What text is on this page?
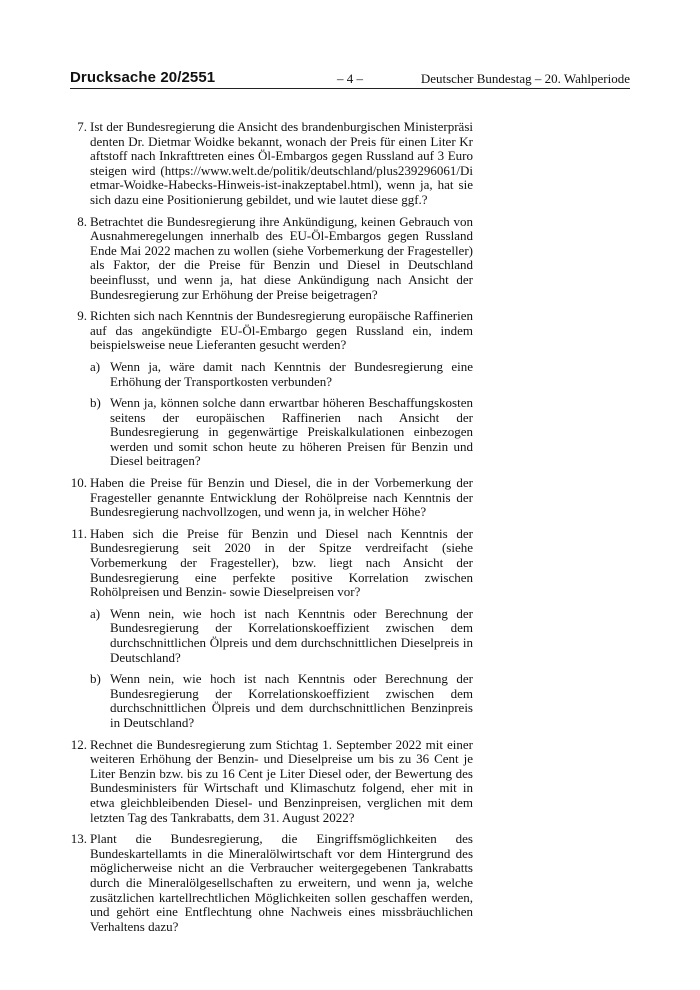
Drucksache 20/2551	– 4 –	Deutscher Bundestag – 20. Wahlperiode
7. Ist der Bundesregierung die Ansicht des brandenburgischen Ministerpräsidenten Dr. Dietmar Woidke bekannt, wonach der Preis für einen Liter Kraftstoff nach Inkrafttreten eines Öl-Embargos gegen Russland auf 3 Euro steigen wird (https://www.welt.de/politik/deutschland/plus239296061/Dietmar-Woidke-Habecks-Hinweis-ist-inakzeptabel.html), wenn ja, hat sie sich dazu eine Positionierung gebildet, und wie lautet diese ggf.?
8. Betrachtet die Bundesregierung ihre Ankündigung, keinen Gebrauch von Ausnahmeregelungen innerhalb des EU-Öl-Embargos gegen Russland Ende Mai 2022 machen zu wollen (siehe Vorbemerkung der Fragesteller) als Faktor, der die Preise für Benzin und Diesel in Deutschland beeinflusst, und wenn ja, hat diese Ankündigung nach Ansicht der Bundesregierung zur Erhöhung der Preise beigetragen?
9. Richten sich nach Kenntnis der Bundesregierung europäische Raffinerien auf das angekündigte EU-Öl-Embargo gegen Russland ein, indem beispielsweise neue Lieferanten gesucht werden?
a) Wenn ja, wäre damit nach Kenntnis der Bundesregierung eine Erhöhung der Transportkosten verbunden?
b) Wenn ja, können solche dann erwartbar höheren Beschaffungskosten seitens der europäischen Raffinerien nach Ansicht der Bundesregierung in gegenwärtige Preiskalkulationen einbezogen werden und somit schon heute zu höheren Preisen für Benzin und Diesel beitragen?
10. Haben die Preise für Benzin und Diesel, die in der Vorbemerkung der Fragesteller genannte Entwicklung der Rohölpreise nach Kenntnis der Bundesregierung nachvollzogen, und wenn ja, in welcher Höhe?
11. Haben sich die Preise für Benzin und Diesel nach Kenntnis der Bundesregierung seit 2020 in der Spitze verdreifacht (siehe Vorbemerkung der Fragesteller), bzw. liegt nach Ansicht der Bundesregierung eine perfekte positive Korrelation zwischen Rohölpreisen und Benzin- sowie Dieselpreisen vor?
a) Wenn nein, wie hoch ist nach Kenntnis oder Berechnung der Bundesregierung der Korrelationskoeffizient zwischen dem durchschnittlichen Ölpreis und dem durchschnittlichen Dieselpreis in Deutschland?
b) Wenn nein, wie hoch ist nach Kenntnis oder Berechnung der Bundesregierung der Korrelationskoeffizient zwischen dem durchschnittlichen Ölpreis und dem durchschnittlichen Benzinpreis in Deutschland?
12. Rechnet die Bundesregierung zum Stichtag 1. September 2022 mit einer weiteren Erhöhung der Benzin- und Dieselpreise um bis zu 36 Cent je Liter Benzin bzw. bis zu 16 Cent je Liter Diesel oder, der Bewertung des Bundesministers für Wirtschaft und Klimaschutz folgend, eher mit in etwa gleichbleibenden Diesel- und Benzinpreisen, verglichen mit dem letzten Tag des Tankrabatts, dem 31. August 2022?
13. Plant die Bundesregierung, die Eingriffsmöglichkeiten des Bundeskartellamts in die Mineralölwirtschaft vor dem Hintergrund des möglicherweise nicht an die Verbraucher weitergegebenen Tankrabatts durch die Mineralölgesellschaften zu erweitern, und wenn ja, welche zusätzlichen kartellrechtlichen Möglichkeiten sollen geschaffen werden, und gehört eine Entflechtung ohne Nachweis eines missbräuchlichen Verhaltens dazu?
